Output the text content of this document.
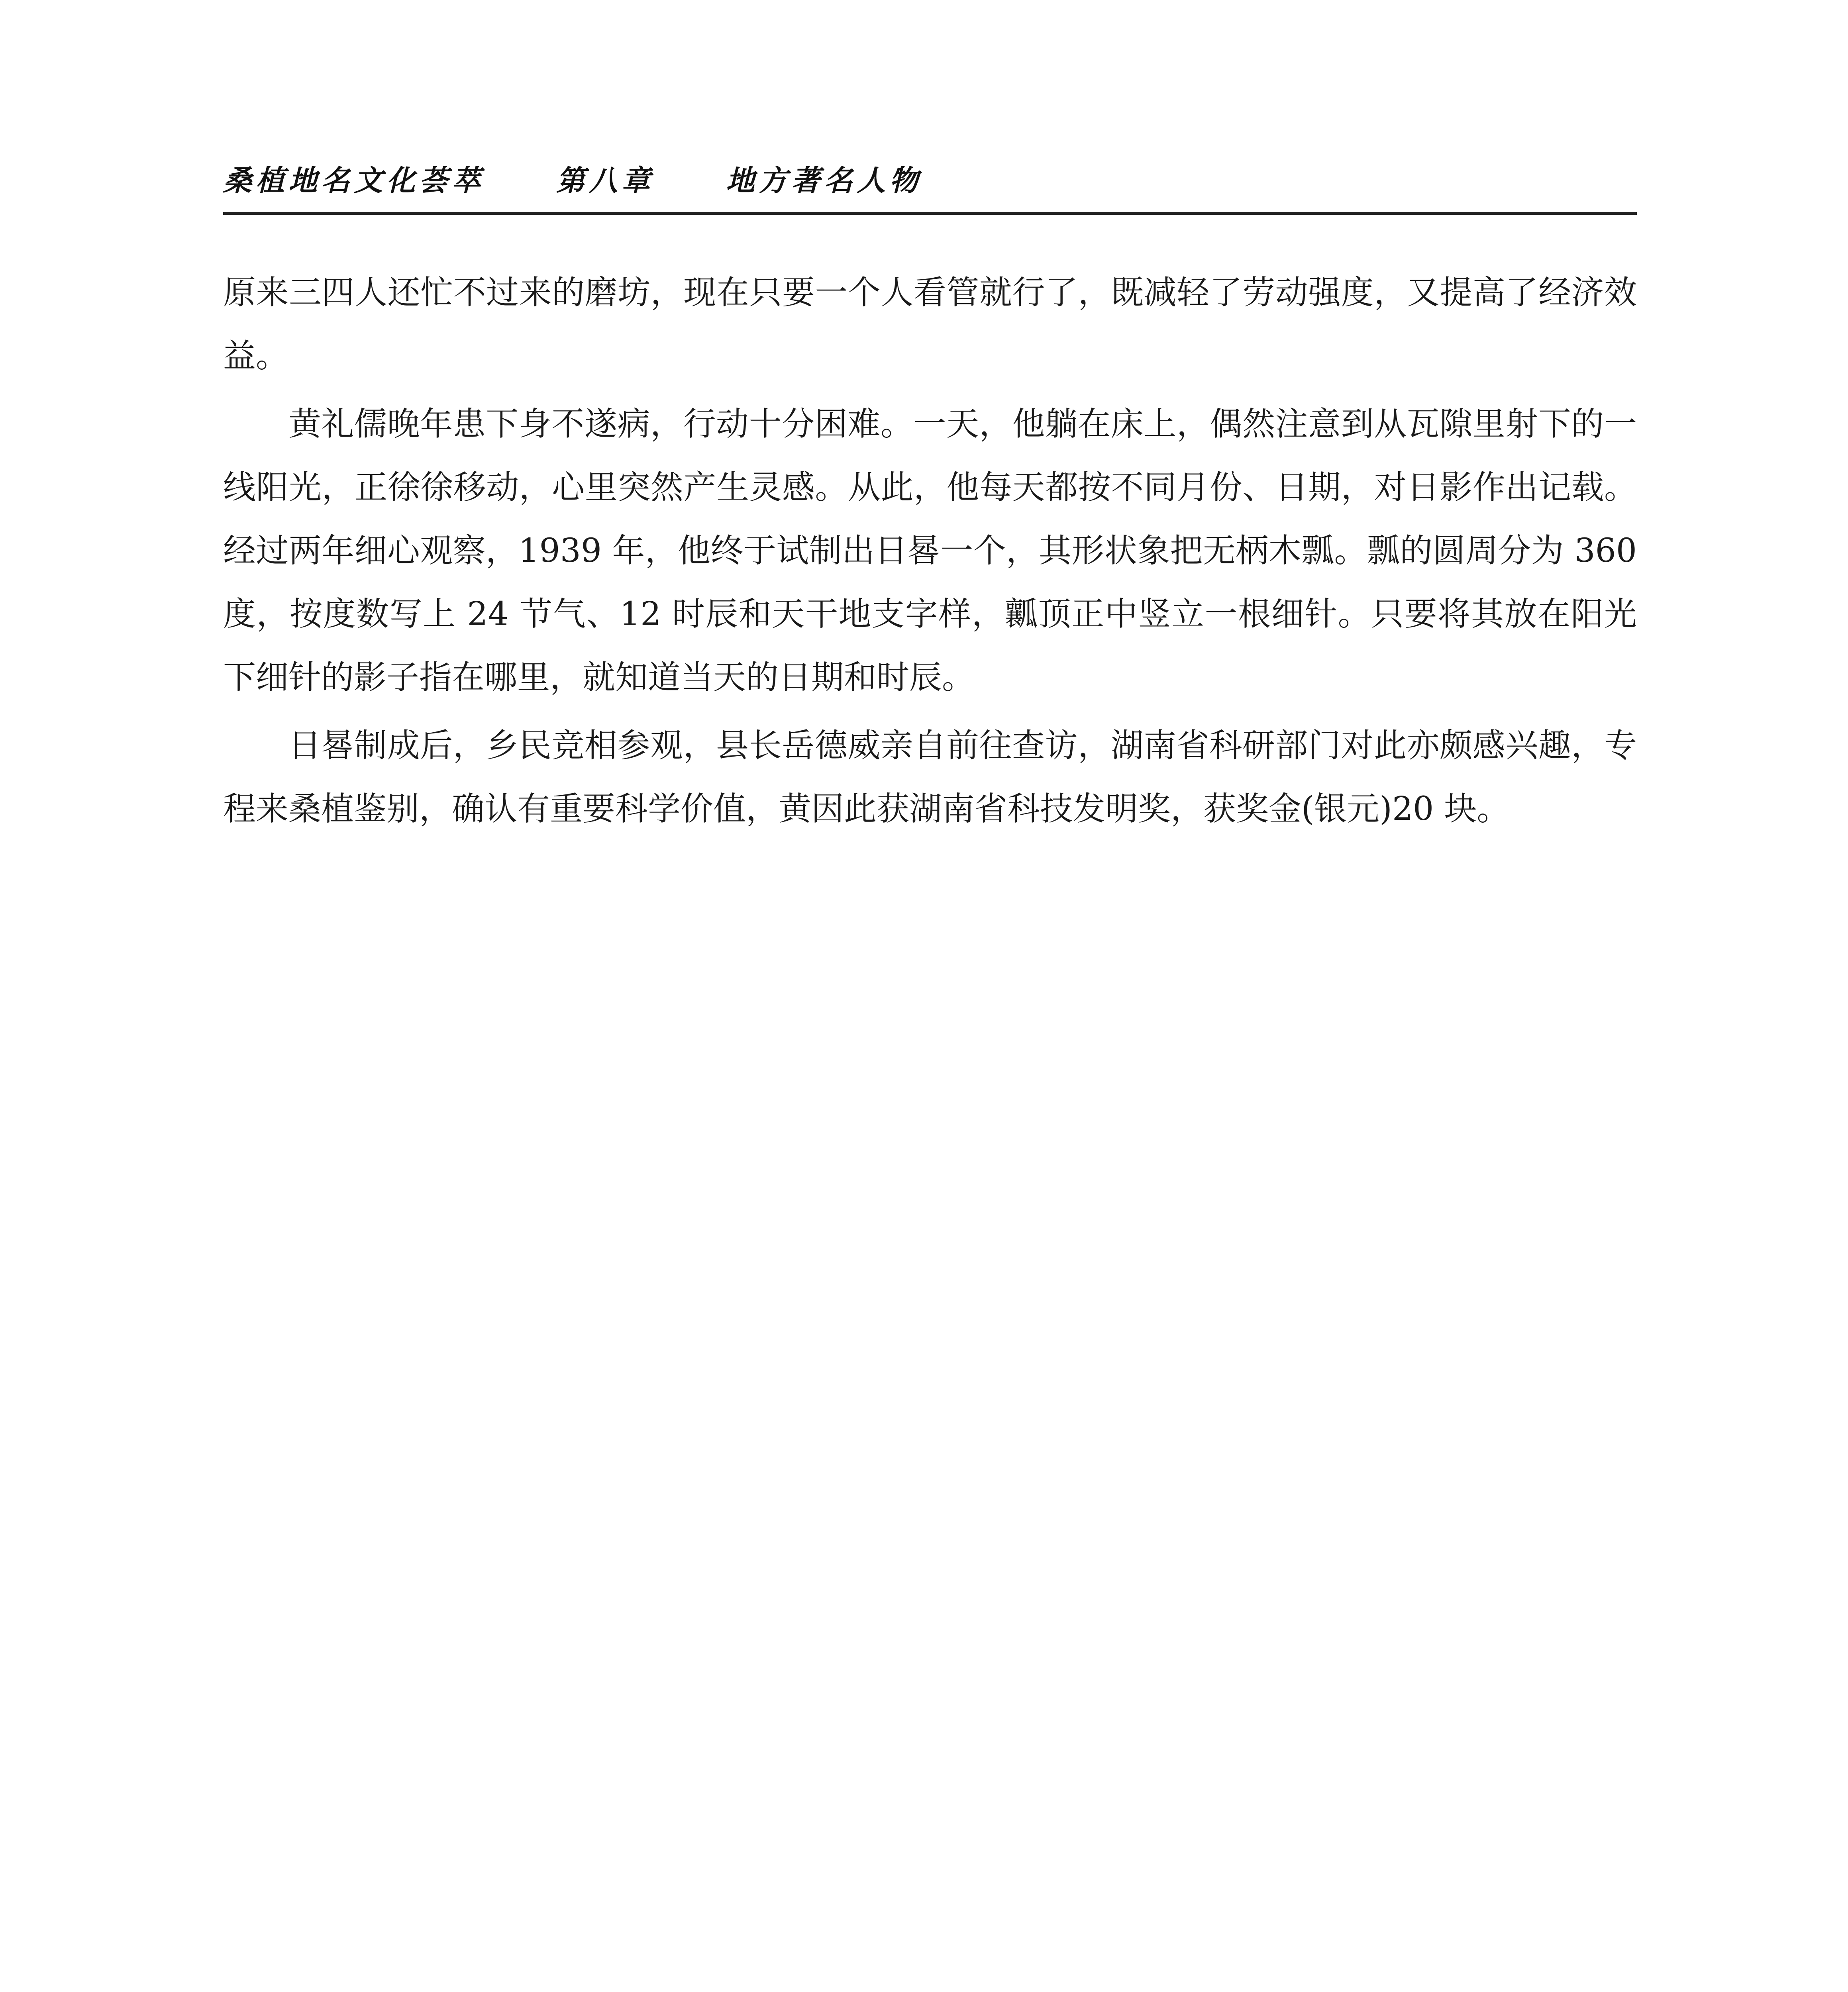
桑植地名文化荟萃	第八章	地方著名人物

原来三四人还忙不过来的磨坊，现在只要一个人看管就行了，既减轻了劳动强度，又提高了经济效益。

黄礼儒晚年患下身不遂病，行动十分困难。一天，他躺在床上，偶然注意到从瓦隙里射下的一线阳光，正徐徐移动，心里突然产生灵感。从此，他每天都按不同月份、日期，对日影作出记载。经过两年细心观察，1939 年，他终于试制出日晷一个，其形状象把无柄木瓢。瓢的圆周分为 360 度，按度数写上 24 节气、12 时辰和天干地支字样，瓤顶正中竖立一根细针。只要将其放在阳光下细针的影子指在哪里，就知道当天的日期和时辰。

日晷制成后，乡民竞相参观，县长岳德威亲自前往查访，湖南省科研部门对此亦颇感兴趣，专程来桑植鉴别，确认有重要科学价值，黄因此获湖南省科技发明奖，获奖金(银元)20 块。
